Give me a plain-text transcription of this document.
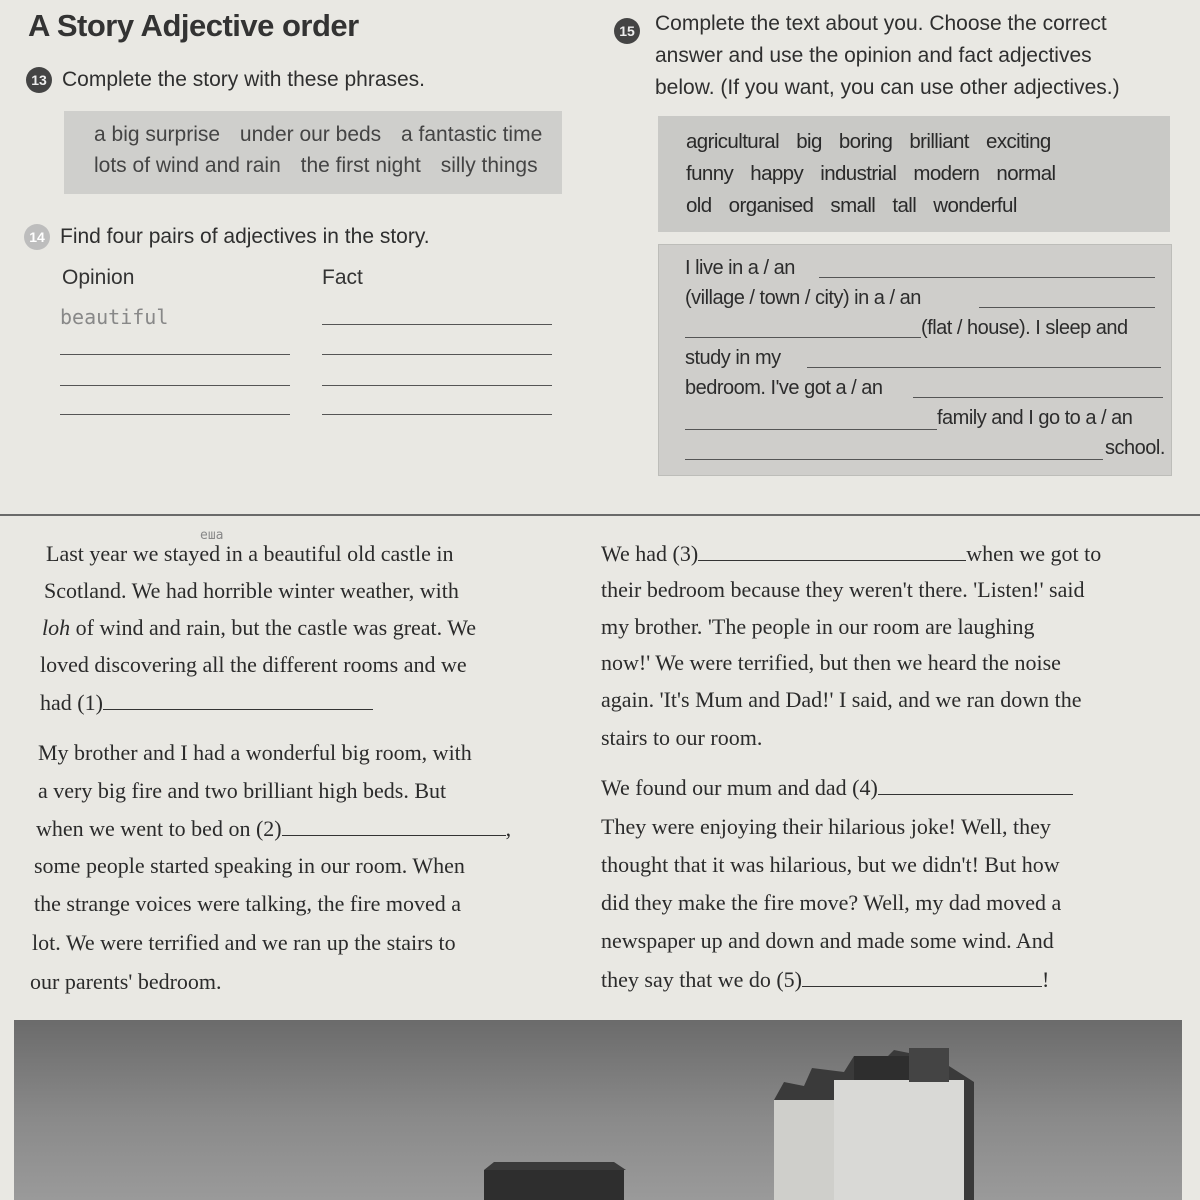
A Story Adjective order
13 Complete the story with these phrases.
a big surprise under our beds a fantastic time
lots of wind and rain the first night silly things
14 Find four pairs of adjectives in the story.
Opinion	Fact
beautiful
15 Complete the text about you. Choose the correct
answer and use the opinion and fact adjectives
below. (If you want, you can use other adjectives.)
agricultural big boring brilliant exciting
funny happy industrial modern normal
old organised small tall wonderful
I live in a / an
(village / town / city) in a / an
(flat / house). I sleep and
study in my
bedroom. I've got a / an
family and I go to a / an
school.
Last year we stayed in a beautiful old castle in
еша
Scotland. We had horrible winter weather, with
loh of wind and rain, but the castle was great. We
loved discovering all the different rooms and we
had (1)
My brother and I had a wonderful big room, with
a very big fire and two brilliant high beds. But
when we went to bed on (2)	,
some people started speaking in our room. When
the strange voices were talking, the fire moved a
lot. We were terrified and we ran up the stairs to
our parents' bedroom.
We had (3)	when we got to
their bedroom because they weren't there. 'Listen!' said
my brother. 'The people in our room are laughing
now!' We were terrified, but then we heard the noise
again. 'It's Mum and Dad!' I said, and we ran down the
stairs to our room.
We found our mum and dad (4)
They were enjoying their hilarious joke! Well, they
thought that it was hilarious, but we didn't! But how
did they make the fire move? Well, my dad moved a
newspaper up and down and made some wind. And
they say that we do (5)	!
